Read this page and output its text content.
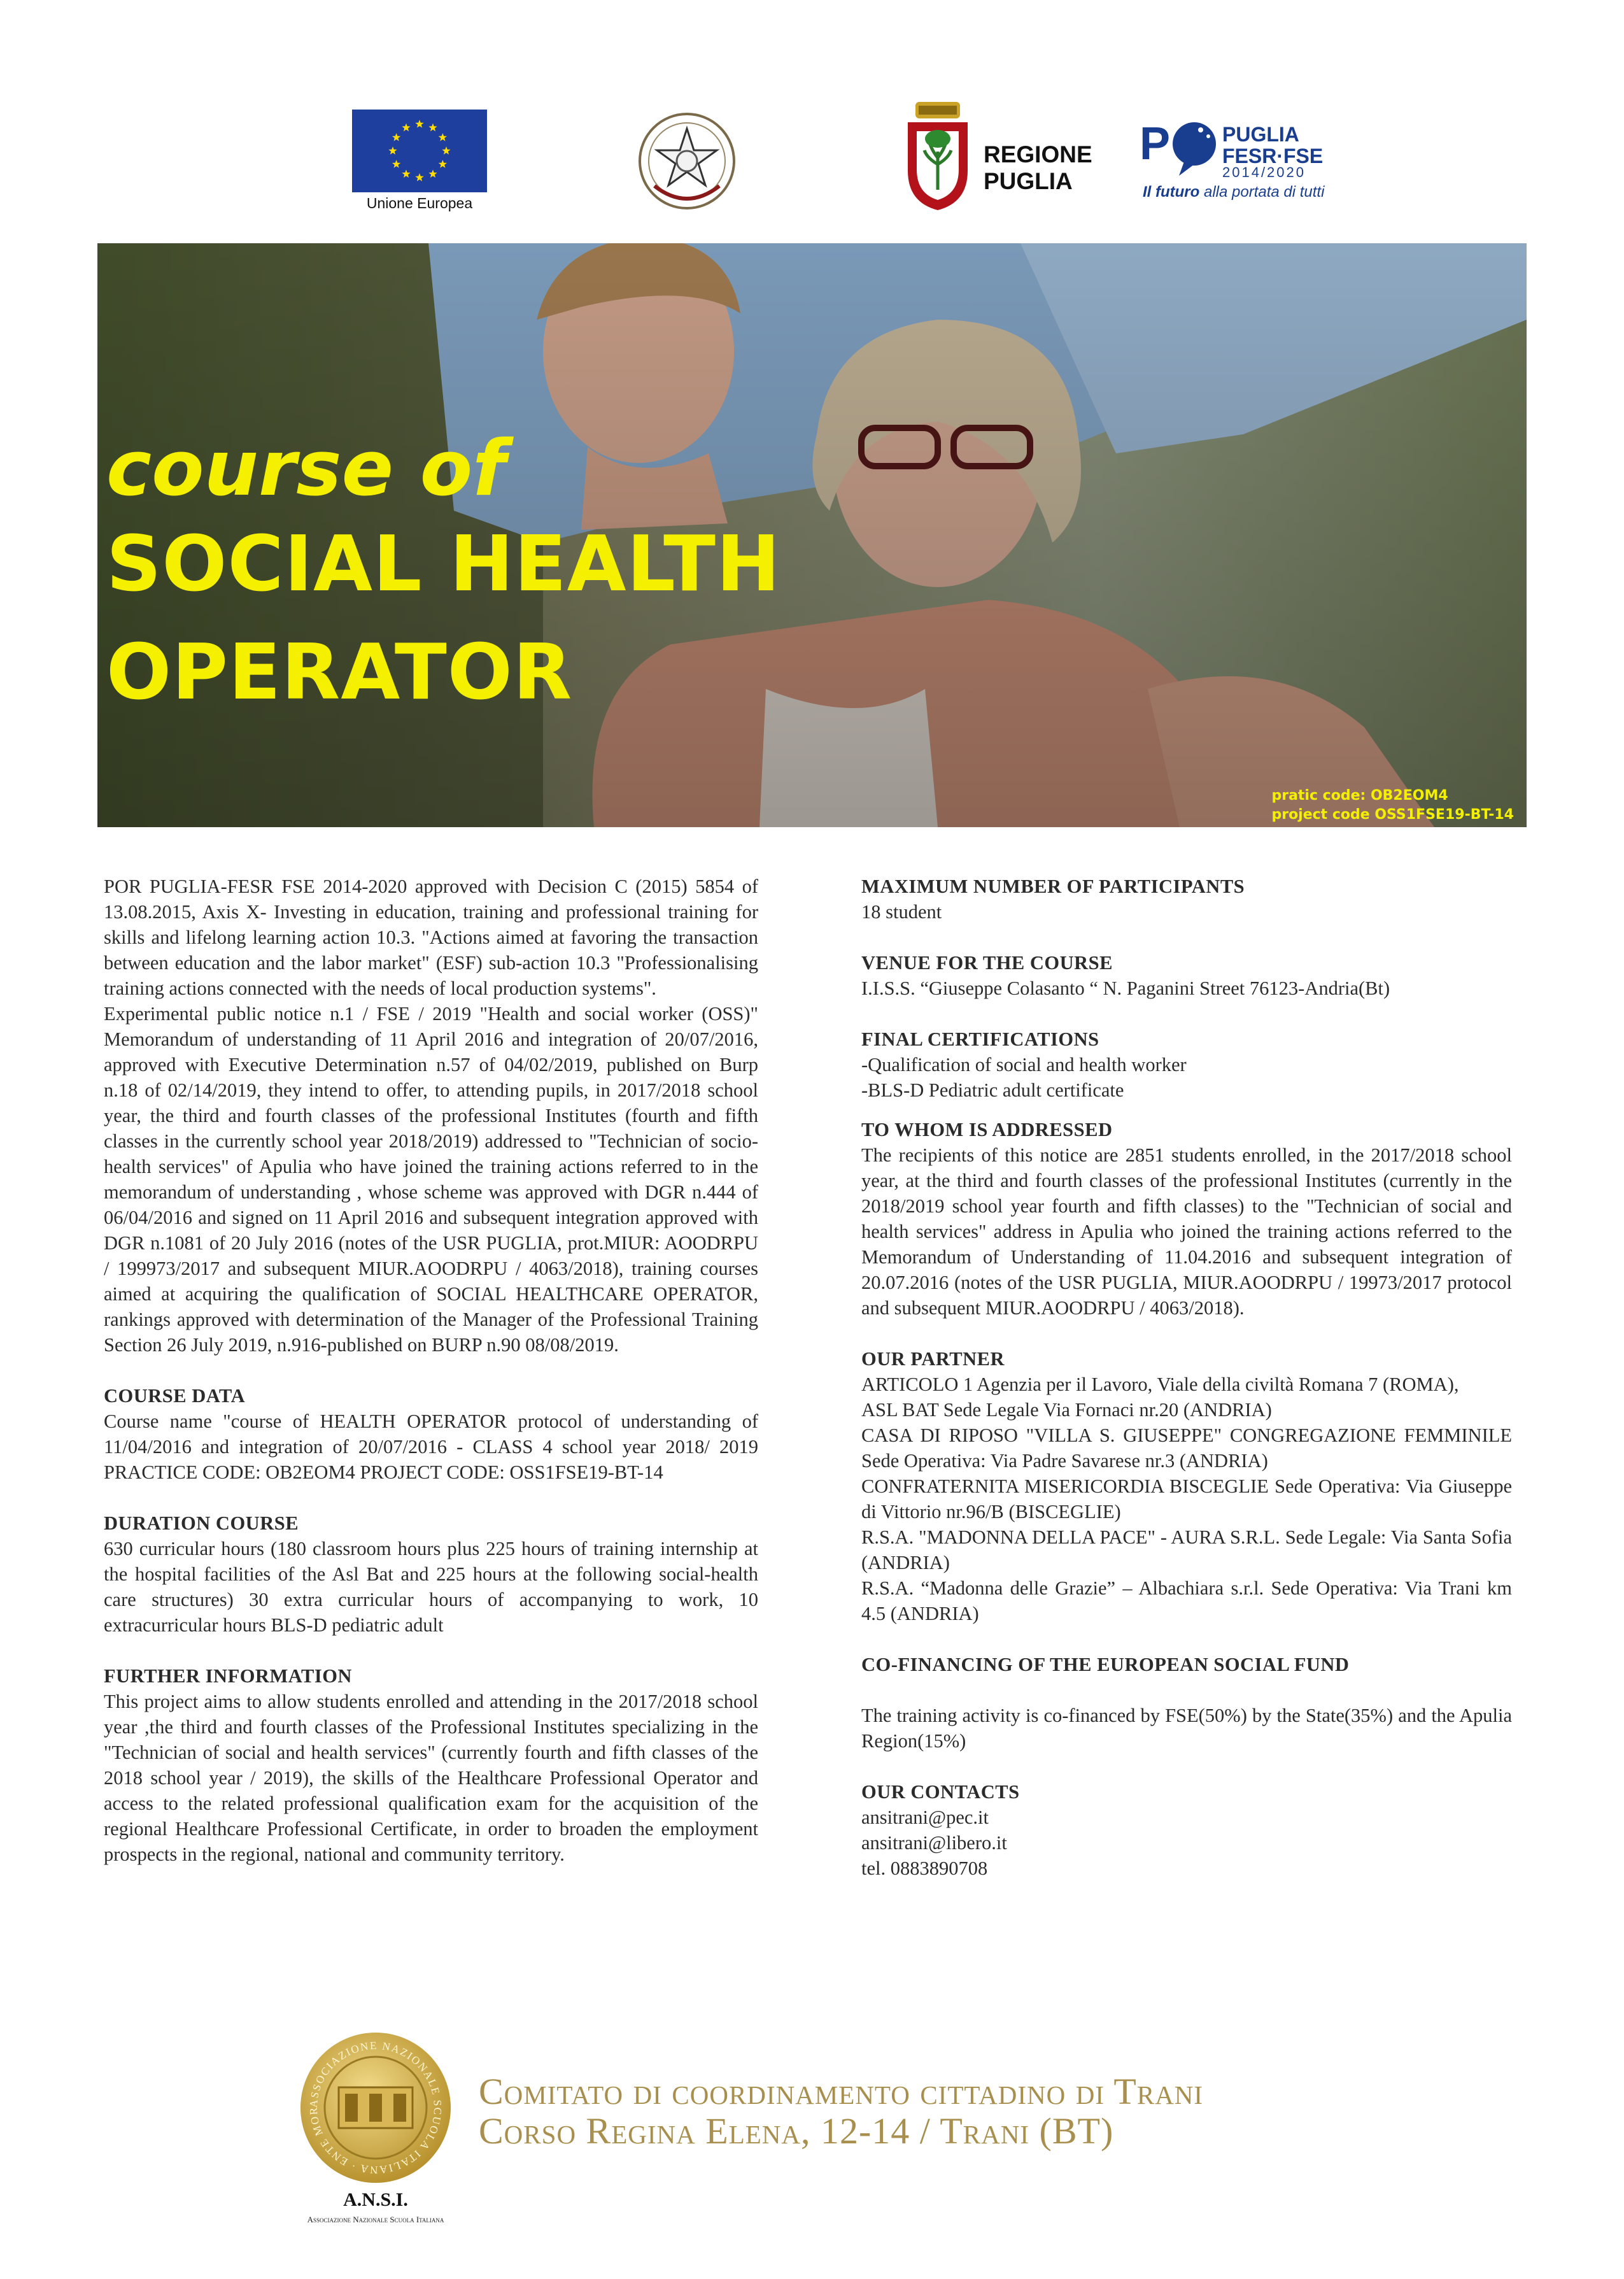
Unione Europea
REGIONE
PUGLIA
P	PUGLIA
FESR·FSE
2014/2020
Il futuro alla portata di tutti
course of
SOCIAL HEALTH
OPERATOR
pratic code: OB2EOM4
project code OSS1FSE19-BT-14
POR PUGLIA-FESR FSE 2014-2020 approved with Decision C (2015) 5854 of 13.08.2015, Axis X- Investing in education, training and professional training for skills and lifelong learning action 10.3. "Actions aimed at favoring the transaction between education and the labor market" (ESF) sub-action 10.3 "Professionalising training actions connected with the needs of local production systems".
Experimental public notice n.1 / FSE / 2019 "Health and social worker (OSS)" Memorandum of understanding of 11 April 2016 and integration of 20/07/2016, approved with Executive Determination n.57 of 04/02/2019, published on Burp n.18 of 02/14/2019, they intend to offer, to attending pupils, in 2017/2018 school year, the third and fourth classes of the professional Institutes (fourth and fifth classes in the currently school year 2018/2019) addressed to "Technician of socio-health services" of Apulia who have joined the training actions referred to in the memorandum of understanding , whose scheme was approved with DGR n.444 of 06/04/2016 and signed on 11 April 2016 and subsequent integration approved with DGR n.1081 of 20 July 2016 (notes of the USR PUGLIA, prot.MIUR: AOODRPU / 199973/2017 and subsequent MIUR.AOODRPU / 4063/2018), training courses aimed at acquiring the qualification of SOCIAL HEALTHCARE OPERATOR, rankings approved with determination of the Manager of the Professional Training Section 26 July 2019, n.916-published on BURP n.90 08/08/2019.
COURSE DATA
Course name "course of HEALTH OPERATOR protocol of understanding of 11/04/2016 and integration of 20/07/2016 - CLASS 4 school year 2018/ 2019 PRACTICE CODE: OB2EOM4 PROJECT CODE: OSS1FSE19-BT-14
DURATION COURSE
630 curricular hours (180 classroom hours plus 225 hours of training internship at the hospital facilities of the Asl Bat and 225 hours at the following social-health care structures) 30 extra curricular hours of accompanying to work, 10 extracurricular hours BLS-D pediatric adult
FURTHER INFORMATION
This project aims to allow students enrolled and attending in the 2017/2018 school year ,the third and fourth classes of the Professional Institutes specializing in the "Technician of social and health services" (currently fourth and fifth classes of the 2018 school year / 2019), the skills of the Healthcare Professional Operator and access to the related professional qualification exam for the acquisition of the regional Healthcare Professional Certificate, in order to broaden the employment prospects in the regional, national and community territory.
MAXIMUM NUMBER OF PARTICIPANTS
18 student
VENUE FOR THE COURSE
I.I.S.S. “Giuseppe Colasanto “ N. Paganini Street 76123-Andria(Bt)
FINAL CERTIFICATIONS
-Qualification of social and health worker
-BLS-D Pediatric adult certificate
TO WHOM IS ADDRESSED
The recipients of this notice are 2851 students enrolled, in the 2017/2018 school year, at the third and fourth classes of the professional Institutes (currently in the 2018/2019 school year fourth and fifth classes) to the "Technician of social and health services" address in Apulia who joined the training actions referred to the Memorandum of Understanding of 11.04.2016 and subsequent integration of 20.07.2016 (notes of the USR PUGLIA, MIUR.AOODRPU / 19973/2017 protocol and subsequent MIUR.AOODRPU / 4063/2018).
OUR PARTNER
ARTICOLO 1 Agenzia per il Lavoro, Viale della civiltà Romana 7 (ROMA),
ASL BAT Sede Legale Via Fornaci nr.20 (ANDRIA)
CASA DI RIPOSO "VILLA S. GIUSEPPE" CONGREGAZIONE FEMMINILE Sede Operativa: Via Padre Savarese nr.3 (ANDRIA)
CONFRATERNITA MISERICORDIA BISCEGLIE Sede Operativa: Via Giuseppe di Vittorio nr.96/B (BISCEGLIE)
R.S.A. "MADONNA DELLA PACE" - AURA S.R.L. Sede Legale: Via Santa Sofia (ANDRIA)
R.S.A. “Madonna delle Grazie” – Albachiara s.r.l. Sede Operativa: Via Trani km 4.5 (ANDRIA)
CO-FINANCING OF THE EUROPEAN SOCIAL FUND
The training activity is co-financed by FSE(50%) by the State(35%) and the Apulia Region(15%)
OUR CONTACTS
ansitrani@pec.it
ansitrani@libero.it
tel. 0883890708
ASSOCIAZIONE NAZIONALE SCUOLA ITALIANA · ENTE MOR
A.N.S.I.
Associazione Nazionale Scuola Italiana
Comitato di coordinamento cittadino di Trani
Corso Regina Elena, 12-14 / Trani (BT)
